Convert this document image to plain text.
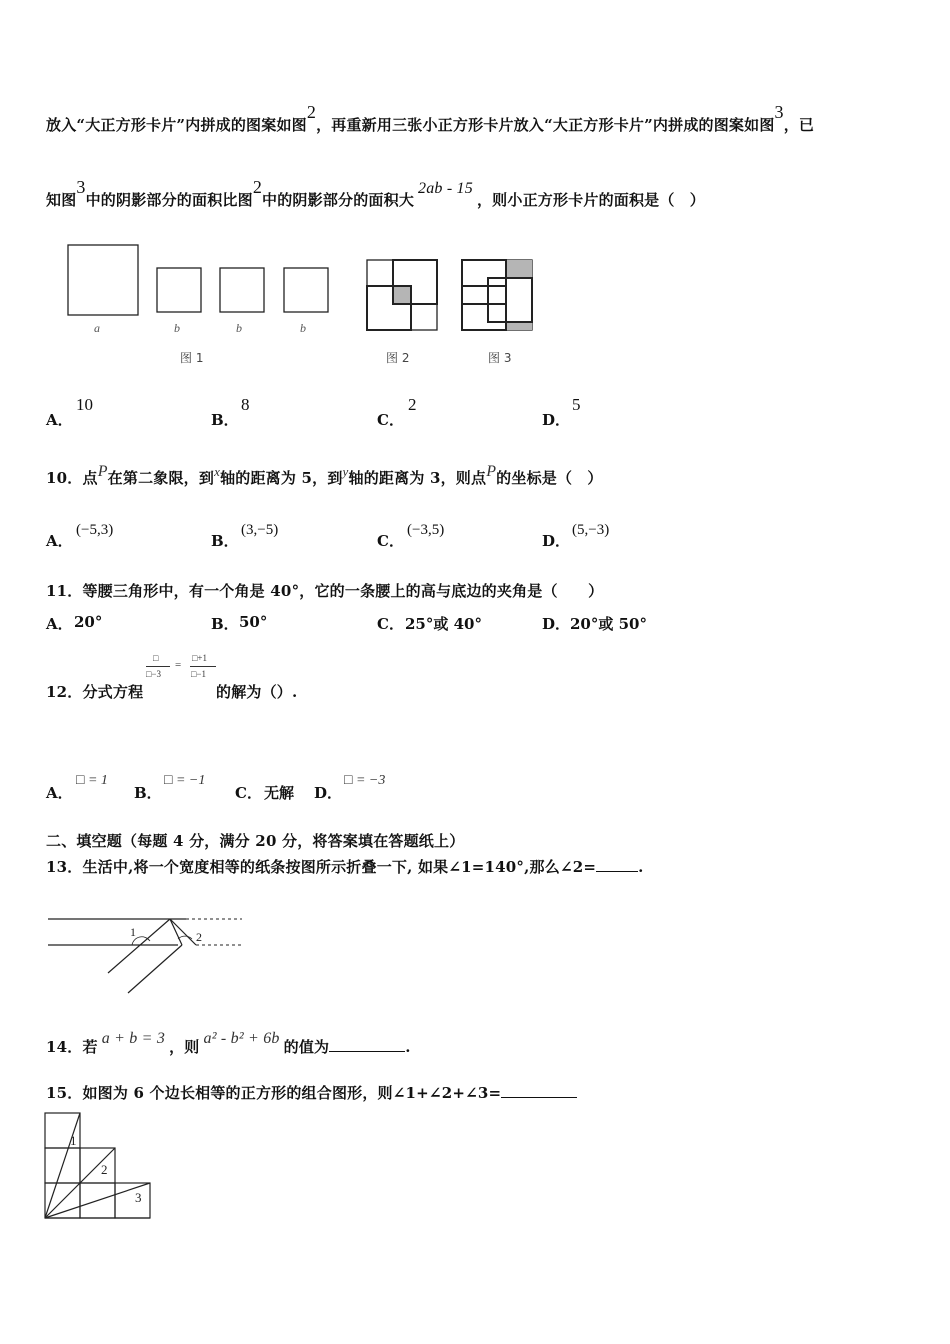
放入“大正方形卡片”内拼成的图案如图2，再重新用三张小正方形卡片放入“大正方形卡片”内拼成的图案如图3，已
知图3中的阴影部分的面积比图2中的阴影部分的面积大2ab - 15，则小正方形卡片的面积是（　）
a	b	b	b
图 1	图 2	图 3
A．
10
B．
8
C．
2
D．
5
10．点P在第二象限，到x轴的距离为 5，到y轴的距离为 3，则点P的坐标是（　）
A．
(−5,3)
B．
(3,−5)
C．
(−3,5)
D．
(5,−3)
11．等腰三角形中，有一个角是 40°，它的一条腰上的高与底边的夹角是（　　）
A． 20°	B． 50°	C． 25°或 40°	D． 20°或 50°
12．分式方程
□
□−3
=
□+1
□−1
的解为（）.
A．
□ = 1
B．
□ = −1
C． 无解 D．
□ = −3
二、填空题（每题 4 分，满分 20 分，将答案填在答题纸上）
13．生活中,将一个宽度相等的纸条按图所示折叠一下, 如果∠1=140°,那么∠2=	.
1	2
14．若 a + b = 3 ，则 a² - b² + 6b 的值为	.
15．如图为 6 个边长相等的正方形的组合图形，则∠1+∠2+∠3=
1
2
3
